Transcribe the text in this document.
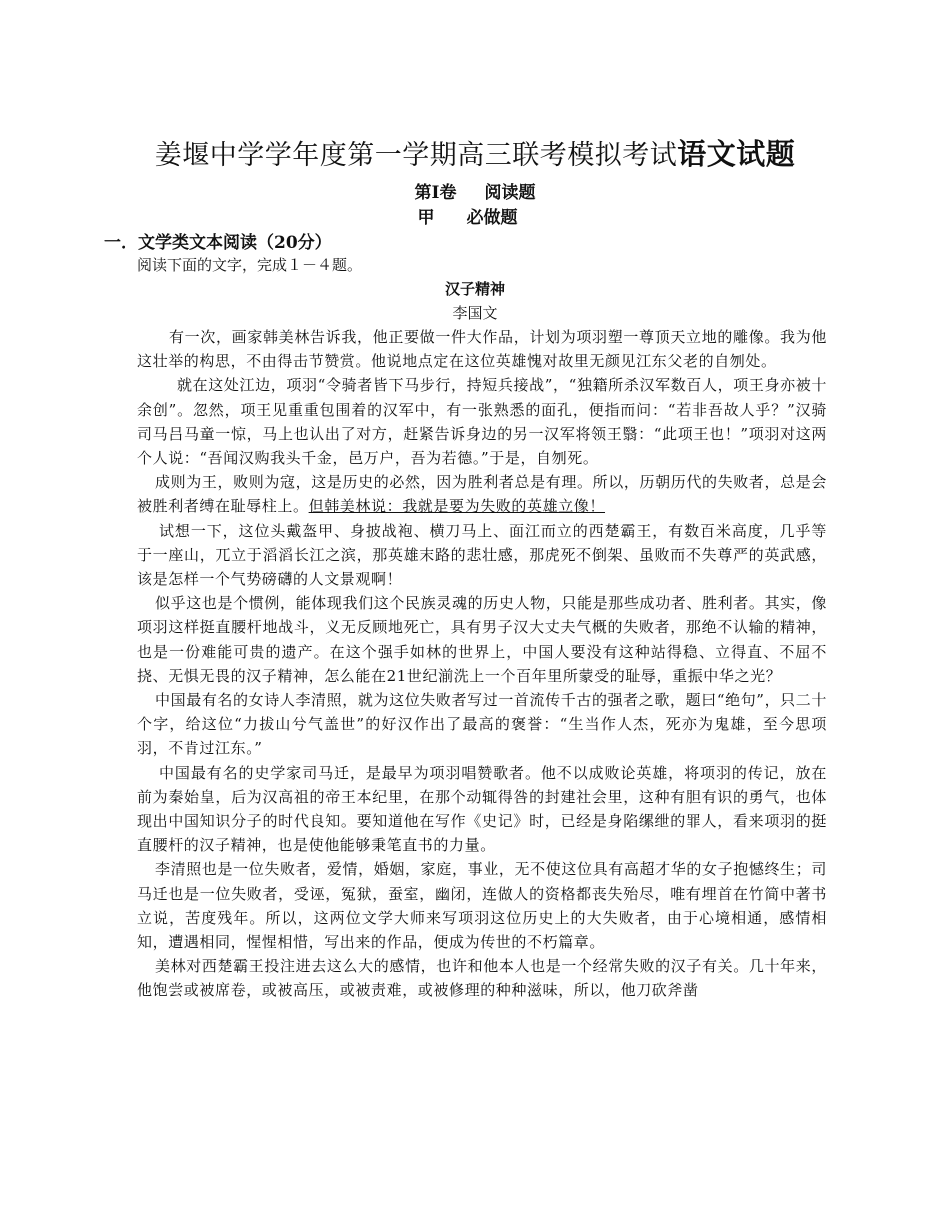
姜堰中学学年度第一学期高三联考模拟考试语文试题
第Ⅰ卷 阅读题
甲 必做题
一．文学类文本阅读（20分）
阅读下面的文字，完成１－４题。
汉子精神
李国文

有一次，画家韩美林告诉我，他正要做一件大作品，计划为项羽塑一尊顶天立地的雕像。我为他这壮举的构思，不由得击节赞赏。他说地点定在这位英雄愧对故里无颜见江东父老的自刎处。

就在这处江边，项羽“令骑者皆下马步行，持短兵接战”，“独籍所杀汉军数百人，项王身亦被十余创”。忽然，项王见重重包围着的汉军中，有一张熟悉的面孔，便指而问：“若非吾故人乎？”汉骑司马吕马童一惊，马上也认出了对方，赶紧告诉身边的另一汉军将领王翳：“此项王也！”项羽对这两个人说：“吾闻汉购我头千金，邑万户，吾为若德。”于是，自刎死。

成则为王，败则为寇，这是历史的必然，因为胜利者总是有理。所以，历朝历代的失败者，总是会被胜利者缚在耻辱柱上。但韩美林说：我就是要为失败的英雄立像！

试想一下，这位头戴盔甲、身披战袍、横刀马上、面江而立的西楚霸王，有数百米高度，几乎等于一座山，兀立于滔滔长江之滨，那英雄末路的悲壮感，那虎死不倒架、虽败而不失尊严的英武感，该是怎样一个气势磅礴的人文景观啊！

似乎这也是个惯例，能体现我们这个民族灵魂的历史人物，只能是那些成功者、胜利者。其实，像项羽这样挺直腰杆地战斗，义无反顾地死亡，具有男子汉大丈夫气概的失败者，那绝不认输的精神，也是一份难能可贵的遗产。在这个强手如林的世界上，中国人要没有这种站得稳、立得直、不屈不挠、无惧无畏的汉子精神，怎么能在21世纪湔洗上一个百年里所蒙受的耻辱，重振中华之光？

中国最有名的女诗人李清照，就为这位失败者写过一首流传千古的强者之歌，题曰“绝句”，只二十个字，给这位“力拔山兮气盖世”的好汉作出了最高的褒誉：“生当作人杰，死亦为鬼雄，至今思项羽，不肯过江东。”

中国最有名的史学家司马迁，是最早为项羽唱赞歌者。他不以成败论英雄，将项羽的传记，放在前为秦始皇，后为汉高祖的帝王本纪里，在那个动辄得咎的封建社会里，这种有胆有识的勇气，也体现出中国知识分子的时代良知。要知道他在写作《史记》时，已经是身陷缧绁的罪人，看来项羽的挺直腰杆的汉子精神，也是使他能够秉笔直书的力量。

李清照也是一位失败者，爱情，婚姻，家庭，事业，无不使这位具有高超才华的女子抱憾终生；司马迁也是一位失败者，受诬，冤狱，蚕室，幽闭，连做人的资格都丧失殆尽，唯有埋首在竹简中著书立说，苦度残年。所以，这两位文学大师来写项羽这位历史上的大失败者，由于心境相通，感情相知，遭遇相同，惺惺相惜，写出来的作品，便成为传世的不朽篇章。

美林对西楚霸王投注进去这么大的感情，也许和他本人也是一个经常失败的汉子有关。几十年来，他饱尝或被席卷，或被高压，或被责难，或被修理的种种滋味，所以，他刀砍斧凿
